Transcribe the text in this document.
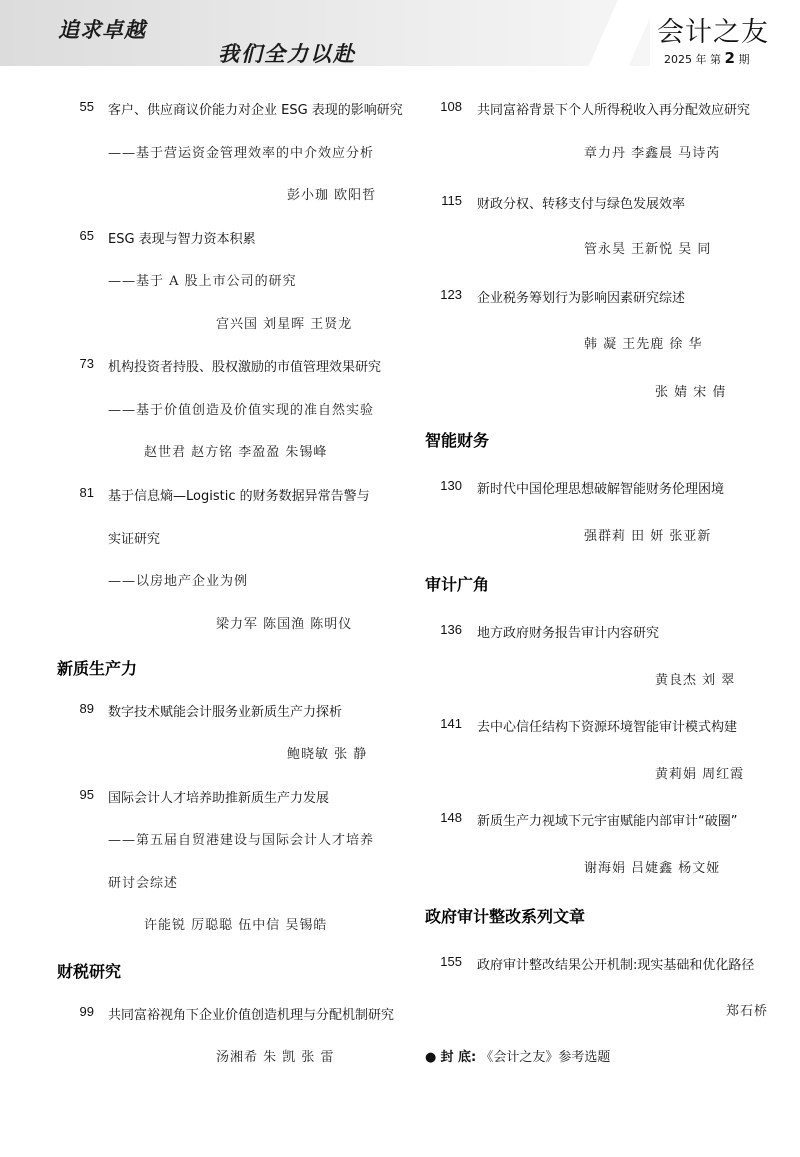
追求卓越
我们全力以赴
会计之友
2025 年 第 2 期
55 客户、供应商议价能力对企业 ESG 表现的影响研究
——基于营运资金管理效率的中介效应分析
彭小珈 欧阳哲
65 ESG 表现与智力资本积累
——基于 A 股上市公司的研究
宫兴国 刘星晖 王贤龙
73 机构投资者持股、股权激励的市值管理效果研究
——基于价值创造及价值实现的准自然实验
赵世君 赵方铭 李盈盈 朱锡峰
81 基于信息熵—Logistic 的财务数据异常告警与
实证研究
——以房地产企业为例
梁力军 陈国渔 陈明仪
新质生产力
89 数字技术赋能会计服务业新质生产力探析
鲍晓敏 张 静
95 国际会计人才培养助推新质生产力发展
——第五届自贸港建设与国际会计人才培养
研讨会综述
许能锐 厉聪聪 伍中信 吴锡皓
财税研究
99 共同富裕视角下企业价值创造机理与分配机制研究
汤湘希 朱 凯 张 雷
108 共同富裕背景下个人所得税收入再分配效应研究
章力丹 李鑫晨 马诗芮
115 财政分权、转移支付与绿色发展效率
管永昊 王新悦 吴 同
123 企业税务筹划行为影响因素研究综述
韩 凝 王先鹿 徐 华
张 婧 宋 倩
智能财务
130 新时代中国伦理思想破解智能财务伦理困境
强群莉 田 妍 张亚新
审计广角
136 地方政府财务报告审计内容研究
黄良杰 刘 翠
141 去中心信任结构下资源环境智能审计模式构建
黄莉娟 周红霞
148 新质生产力视域下元宇宙赋能内部审计“破圈”
谢海娟 吕婕鑫 杨文娅
政府审计整改系列文章
155 政府审计整改结果公开机制:现实基础和优化路径
郑石桥
● 封 底: 《会计之友》参考选题
